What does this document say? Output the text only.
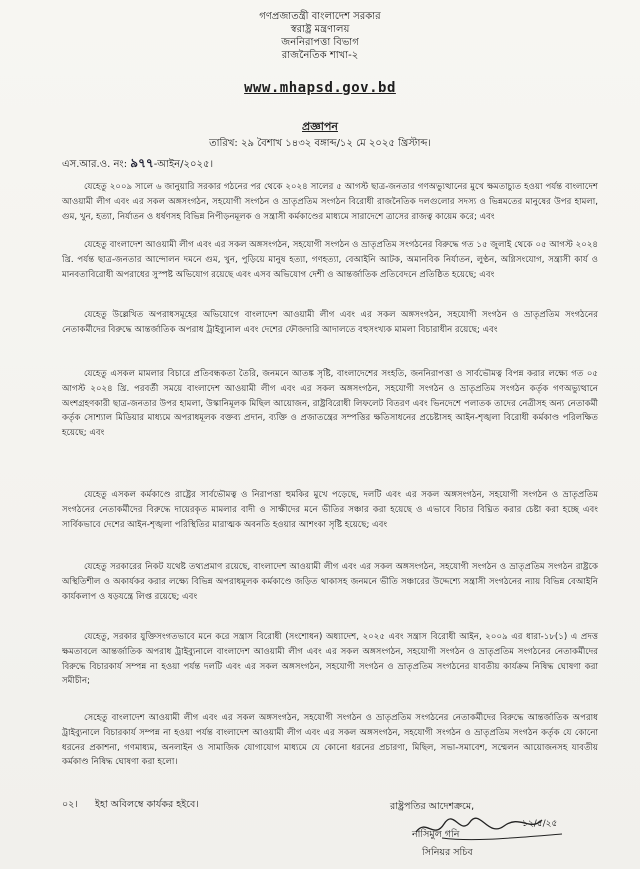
গণপ্রজাতন্ত্রী বাংলাদেশ সরকার
স্বরাষ্ট্র মন্ত্রণালয়
জননিরাপত্তা বিভাগ
রাজনৈতিক শাখা-২
www.mhapsd.gov.bd
প্রজ্ঞাপন
তারিখ: ২৯ বৈশাখ ১৪৩২ বঙ্গাব্দ/১২ মে ২০২৫ খ্রিস্টাব্দ।
এস.আর.ও. নং: ৯৭৭-আইন/২০২৫।

যেহেতু ২০০৯ সালে ৬ জানুয়ারি সরকার গঠনের পর থেকে ২০২৪ সালের ৫ আগস্ট ছাত্র-জনতার গণঅভ্যুত্থানের মুখে ক্ষমতাচ্যুত হওয়া পর্যন্ত বাংলাদেশ আওয়ামী লীগ এবং এর সকল অঙ্গসংগঠন, সহযোগী সংগঠন ও ভ্রাতৃপ্রতিম সংগঠন বিরোধী রাজনৈতিক দলগুলোর সদস্য ও ভিন্নমতের মানুষের উপর হামলা, গুম, খুন, হত্যা, নির্যাতন ও ধর্ষণসহ বিভিন্ন নিপীড়নমূলক ও সন্ত্রাসী কর্মকাণ্ডের মাধ্যমে সারাদেশে ত্রাসের রাজত্ব কায়েম করে; এবং

যেহেতু বাংলাদেশ আওয়ামী লীগ এবং এর সকল অঙ্গসংগঠন, সহযোগী সংগঠন ও ভ্রাতৃপ্রতিম সংগঠনের বিরুদ্ধে গত ১৫ জুলাই থেকে ০৫ আগস্ট ২০২৪ খ্রি. পর্যন্ত ছাত্র-জনতার আন্দোলন দমনে গুম, খুন, পুড়িয়ে মানুষ হত্যা, গণহত্যা, বেআইনি আটক, অমানবিক নির্যাতন, লুণ্ঠন, অগ্নিসংযোগ, সন্ত্রাসী কার্য ও মানবতাবিরোধী অপরাধের সুস্পষ্ট অভিযোগ রয়েছে এবং এসব অভিযোগ দেশী ও আন্তর্জাতিক প্রতিবেদনে প্রতিষ্ঠিত হয়েছে; এবং

যেহেতু উল্লেখিত অপরাধসমূহের অভিযোগে বাংলাদেশ আওয়ামী লীগ এবং এর সকল অঙ্গসংগঠন, সহযোগী সংগঠন ও ভ্রাতৃপ্রতিম সংগঠনের নেতাকর্মীদের বিরুদ্ধে আন্তর্জাতিক অপরাধ ট্রাইব্যুনাল এবং দেশের ফৌজদারি আদালতে বহুসংখ্যক মামলা বিচারাধীন রয়েছে; এবং

যেহেতু এসকল মামলার বিচারে প্রতিবন্ধকতা তৈরি, জনমনে আতঙ্ক সৃষ্টি, বাংলাদেশের সংহতি, জননিরাপত্তা ও সার্বভৌমত্ব বিপন্ন করার লক্ষ্যে গত ০৫ আগস্ট ২০২৪ খ্রি. পরবর্তী সময়ে বাংলাদেশ আওয়ামী লীগ এবং এর সকল অঙ্গসংগঠন, সহযোগী সংগঠন ও ভ্রাতৃপ্রতিম সংগঠন কর্তৃক গণঅভ্যুত্থানে অংশগ্রহণকারী ছাত্র-জনতার উপর হামলা, উস্কানিমূলক মিছিল আয়োজন, রাষ্ট্রবিরোধী লিফলেট বিতরণ এবং ভিনদেশে পলাতক তাদের নেত্রীসহ অন্য নেতাকর্মী কর্তৃক সোশ্যাল মিডিয়ার মাধ্যমে অপরাধমূলক বক্তব্য প্রদান, ব্যক্তি ও প্রজাতন্ত্রের সম্পত্তির ক্ষতিসাধনের প্রচেষ্টাসহ আইন-শৃঙ্খলা বিরোধী কর্মকাণ্ড পরিলক্ষিত হয়েছে; এবং

যেহেতু এসকল কর্মকাণ্ডে রাষ্ট্রের সার্বভৌমত্ব ও নিরাপত্তা হুমকির মুখে পড়েছে, দলটি এবং এর সকল অঙ্গসংগঠন, সহযোগী সংগঠন ও ভ্রাতৃপ্রতিম সংগঠনের নেতাকর্মীদের বিরুদ্ধে দায়েরকৃত মামলার বাদী ও সাক্ষীদের মনে ভীতির সঞ্চার করা হয়েছে ও এভাবে বিচার বিঘ্নিত করার চেষ্টা করা হচ্ছে এবং সার্বিকভাবে দেশের আইন-শৃঙ্খলা পরিস্থিতির মারাত্মক অবনতি হওয়ার আশংকা সৃষ্টি হয়েছে; এবং

যেহেতু সরকারের নিকট যথেষ্ট তথ্যপ্রমাণ রয়েছে, বাংলাদেশ আওয়ামী লীগ এবং এর সকল অঙ্গসংগঠন, সহযোগী সংগঠন ও ভ্রাতৃপ্রতিম সংগঠন রাষ্ট্রকে অস্থিতিশীল ও অকার্যকর করার লক্ষ্যে বিভিন্ন অপরাধমূলক কর্মকাণ্ডে জড়িত থাকাসহ জনমনে ভীতি সঞ্চারের উদ্দেশ্যে সন্ত্রাসী সংগঠনের ন্যায় বিভিন্ন বেআইনি কার্যকলাপ ও ষড়যন্ত্রে লিপ্ত রয়েছে; এবং

যেহেতু, সরকার যুক্তিসংগতভাবে মনে করে সন্ত্রাস বিরোধী (সংশোধন) অধ্যাদেশ, ২০২৫ এবং সন্ত্রাস বিরোধী আইন, ২০০৯ এর ধারা-১৮(১) এ প্রদত্ত ক্ষমতাবলে আন্তর্জাতিক অপরাধ ট্রাইব্যুনালে বাংলাদেশ আওয়ামী লীগ এবং এর সকল অঙ্গসংগঠন, সহযোগী সংগঠন ও ভ্রাতৃপ্রতিম সংগঠনের নেতাকর্মীদের বিরুদ্ধে বিচারকার্য সম্পন্ন না হওয়া পর্যন্ত দলটি এবং এর সকল অঙ্গসংগঠন, সহযোগী সংগঠন ও ভ্রাতৃপ্রতিম সংগঠনের যাবতীয় কার্যক্রম নিষিদ্ধ ঘোষণা করা সমীচীন;

সেহেতু বাংলাদেশ আওয়ামী লীগ এবং এর সকল অঙ্গসংগঠন, সহযোগী সংগঠন ও ভ্রাতৃপ্রতিম সংগঠনের নেতাকর্মীদের বিরুদ্ধে আন্তর্জাতিক অপরাধ ট্রাইব্যুনালে বিচারকার্য সম্পন্ন না হওয়া পর্যন্ত বাংলাদেশ আওয়ামী লীগ এবং এর সকল অঙ্গসংগঠন, সহযোগী সংগঠন ও ভ্রাতৃপ্রতিম সংগঠন কর্তৃক যে কোনো ধরনের প্রকাশনা, গণমাধ্যম, অনলাইন ও সামাজিক যোগাযোগ মাধ্যমে যে কোনো ধরনের প্রচারণা, মিছিল, সভা-সমাবেশ, সম্মেলন আয়োজনসহ যাবতীয় কর্মকাণ্ড নিষিদ্ধ ঘোষণা করা হলো।

০২। ইহা অবিলম্বে কার্যকর হইবে।	রাষ্ট্রপতির আদেশক্রমে,
১২/৫/২৫
নাসিমুল গনি
সিনিয়র সচিব
